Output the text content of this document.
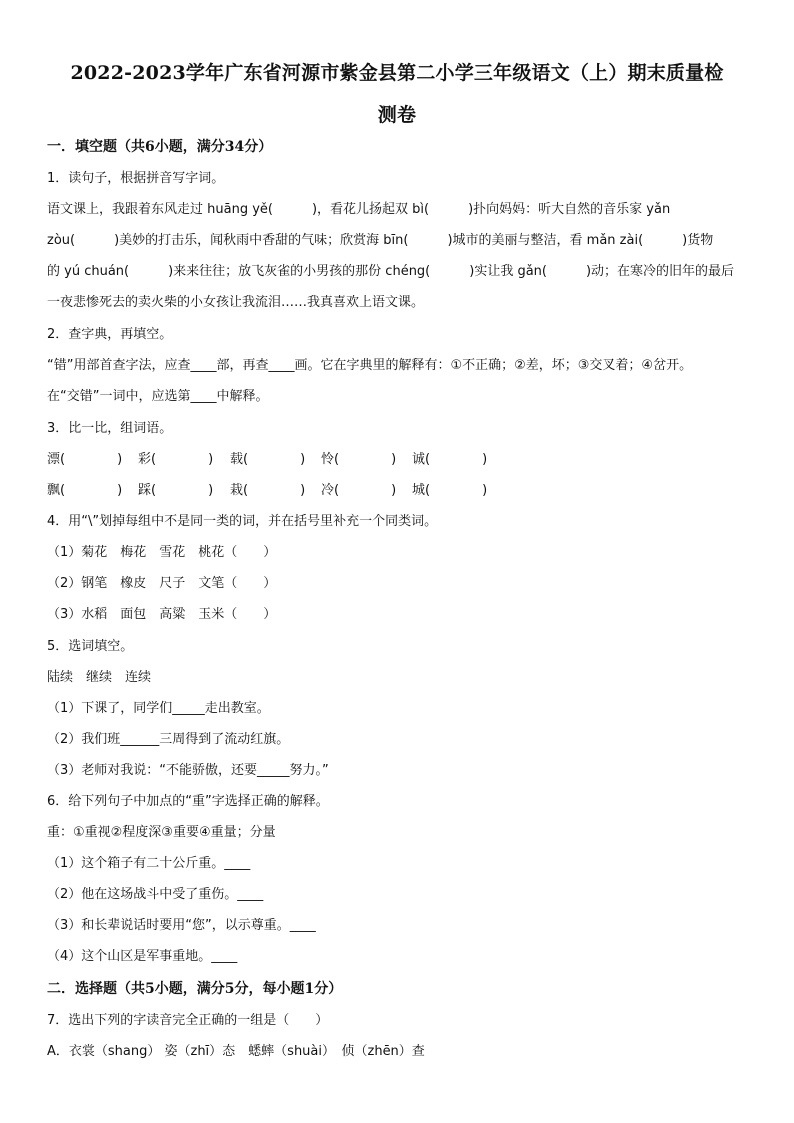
2022-2023学年广东省河源市紫金县第二小学三年级语文（上）期末质量检
测卷
一．填空题（共6小题，满分34分）
1．读句子，根据拼音写字词。
语文课上，我跟着东风走过 huāng yě(　　　)，看花儿扬起双 bì(　　　)扑向妈妈：听大自然的音乐家 yǎn
zòu(　　　)美妙的打击乐，闻秋雨中香甜的气味；欣赏海 bīn(　　　)城市的美丽与整洁，看 mǎn zài(　　　)货物
的 yú chuán(　　　)来来往往；放飞灰雀的小男孩的那份 chéng(　　　)实让我 gǎn(　　　)动；在寒冷的旧年的最后
一夜悲惨死去的卖火柴的小女孩让我流泪……我真喜欢上语文课。
2．查字典，再填空。
“错”用部首查字法，应查____部，再查____画。它在字典里的解释有：①不正确；②差，坏；③交叉着；④岔开。
在“交错”一词中，应选第____中解释。
3．比一比，组词语。
漂(　　　　) 彩(　　　　) 载(　　　　) 怜(　　　　) 诚(　　　　)
飘(　　　　) 踩(　　　　) 栽(　　　　) 冷(　　　　) 城(　　　　)
4．用“\”划掉每组中不是同一类的词，并在括号里补充一个同类词。
（1）菊花　梅花　雪花　桃花（　　）
（2）钢笔　橡皮　尺子　文笔（　　）
（3）水稻　面包　高粱　玉米（　　）
5．选词填空。
陆续　继续　连续
（1）下课了，同学们_____走出教室。
（2）我们班______三周得到了流动红旗。
（3）老师对我说：“不能骄傲，还要_____努力。”
6．给下列句子中加点的“重”字选择正确的解释。
重：①重视②程度深③重要④重量；分量
（1）这个箱子有二十公斤重。____
（2）他在这场战斗中受了重伤。____
（3）和长辈说话时要用“您”，以示尊重。____
（4）这个山区是军事重地。____
二．选择题（共5小题，满分5分，每小题1分）
7．选出下列的字读音完全正确的一组是（　　）
A．衣裳（shang） 姿（zhī）态　蟋蟀（shuài）　侦（zhēn）查
